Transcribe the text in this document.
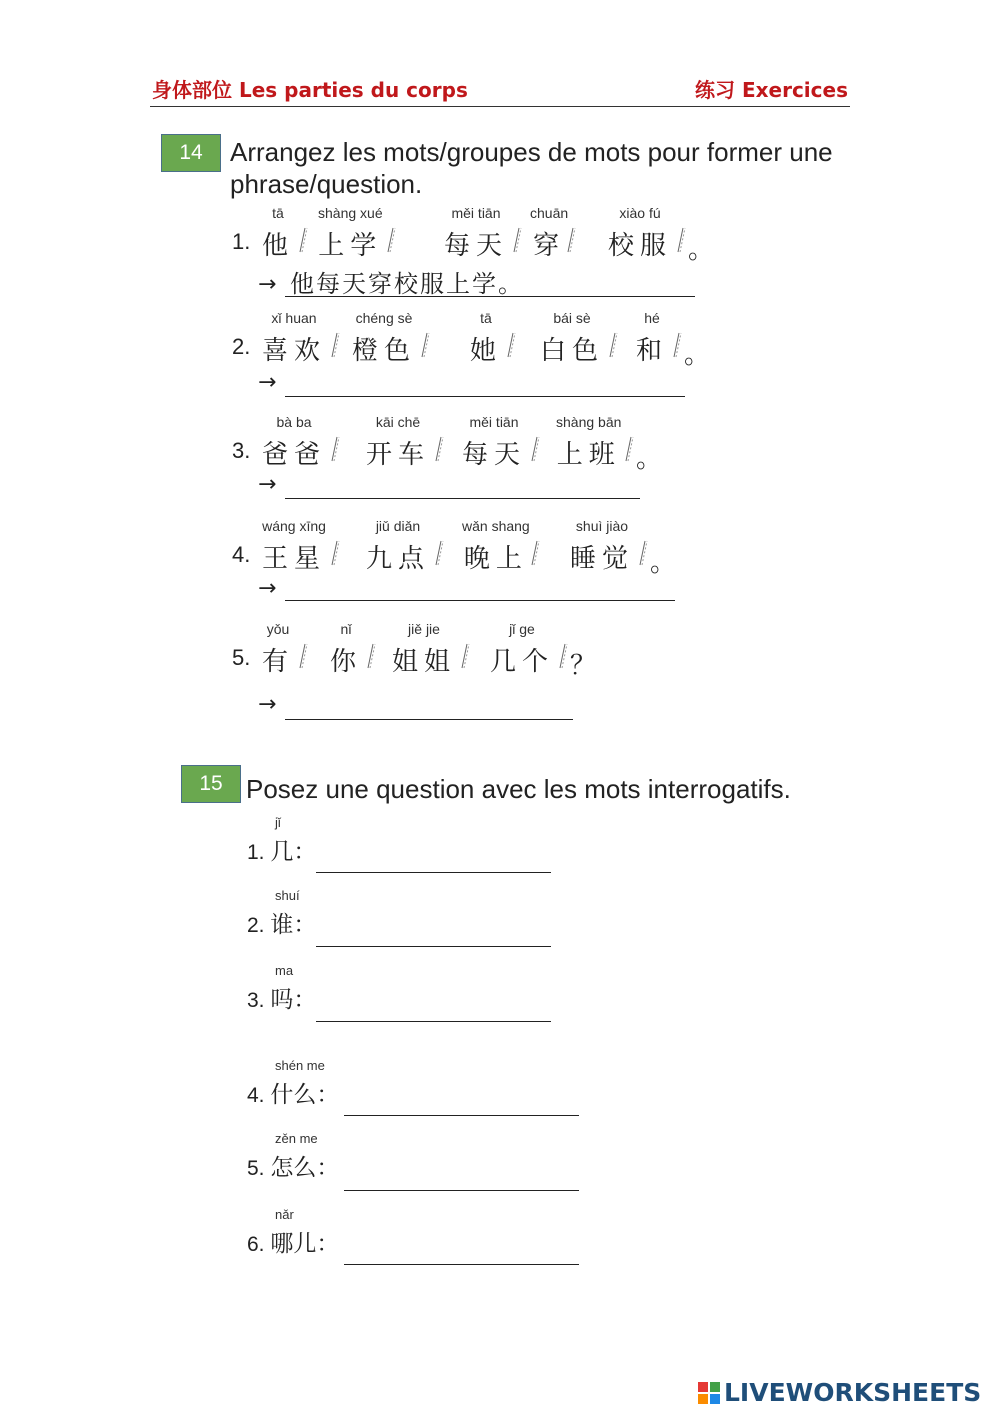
身体部位 Les parties du corps	练习 Exercices
14	Arrangez les mots/groupes de mots pour former une
phrase/question.
1.
tā
他
shàng xué
上学
měi tiān
每天
chuān
穿
xiào fú
校服 。
→ 他每天穿校服上学。
2.
xǐ huan
喜欢
chéng sè
橙色
tā
她
bái sè
白色
hé
和 。
→
3.
bà ba
爸爸
kāi chē
开车
měi tiān
每天
shàng bān
上班 。
→
4.
wáng xīng
王星
jiǔ diǎn
九点
wǎn shang
晚上
shuì jiào
睡觉 。
→
5.
yǒu
有
nǐ
你
jiě jie
姐姐
jǐ ge
几个 ？
→
15 Posez une question avec les mots interrogatifs.
jǐ
1. 几：
shuí
2. 谁：
ma
3. 吗：
shén me
4. 什么：
zěn me
5. 怎么：
nǎr
6. 哪儿：
LIVEWORKSHEETS
